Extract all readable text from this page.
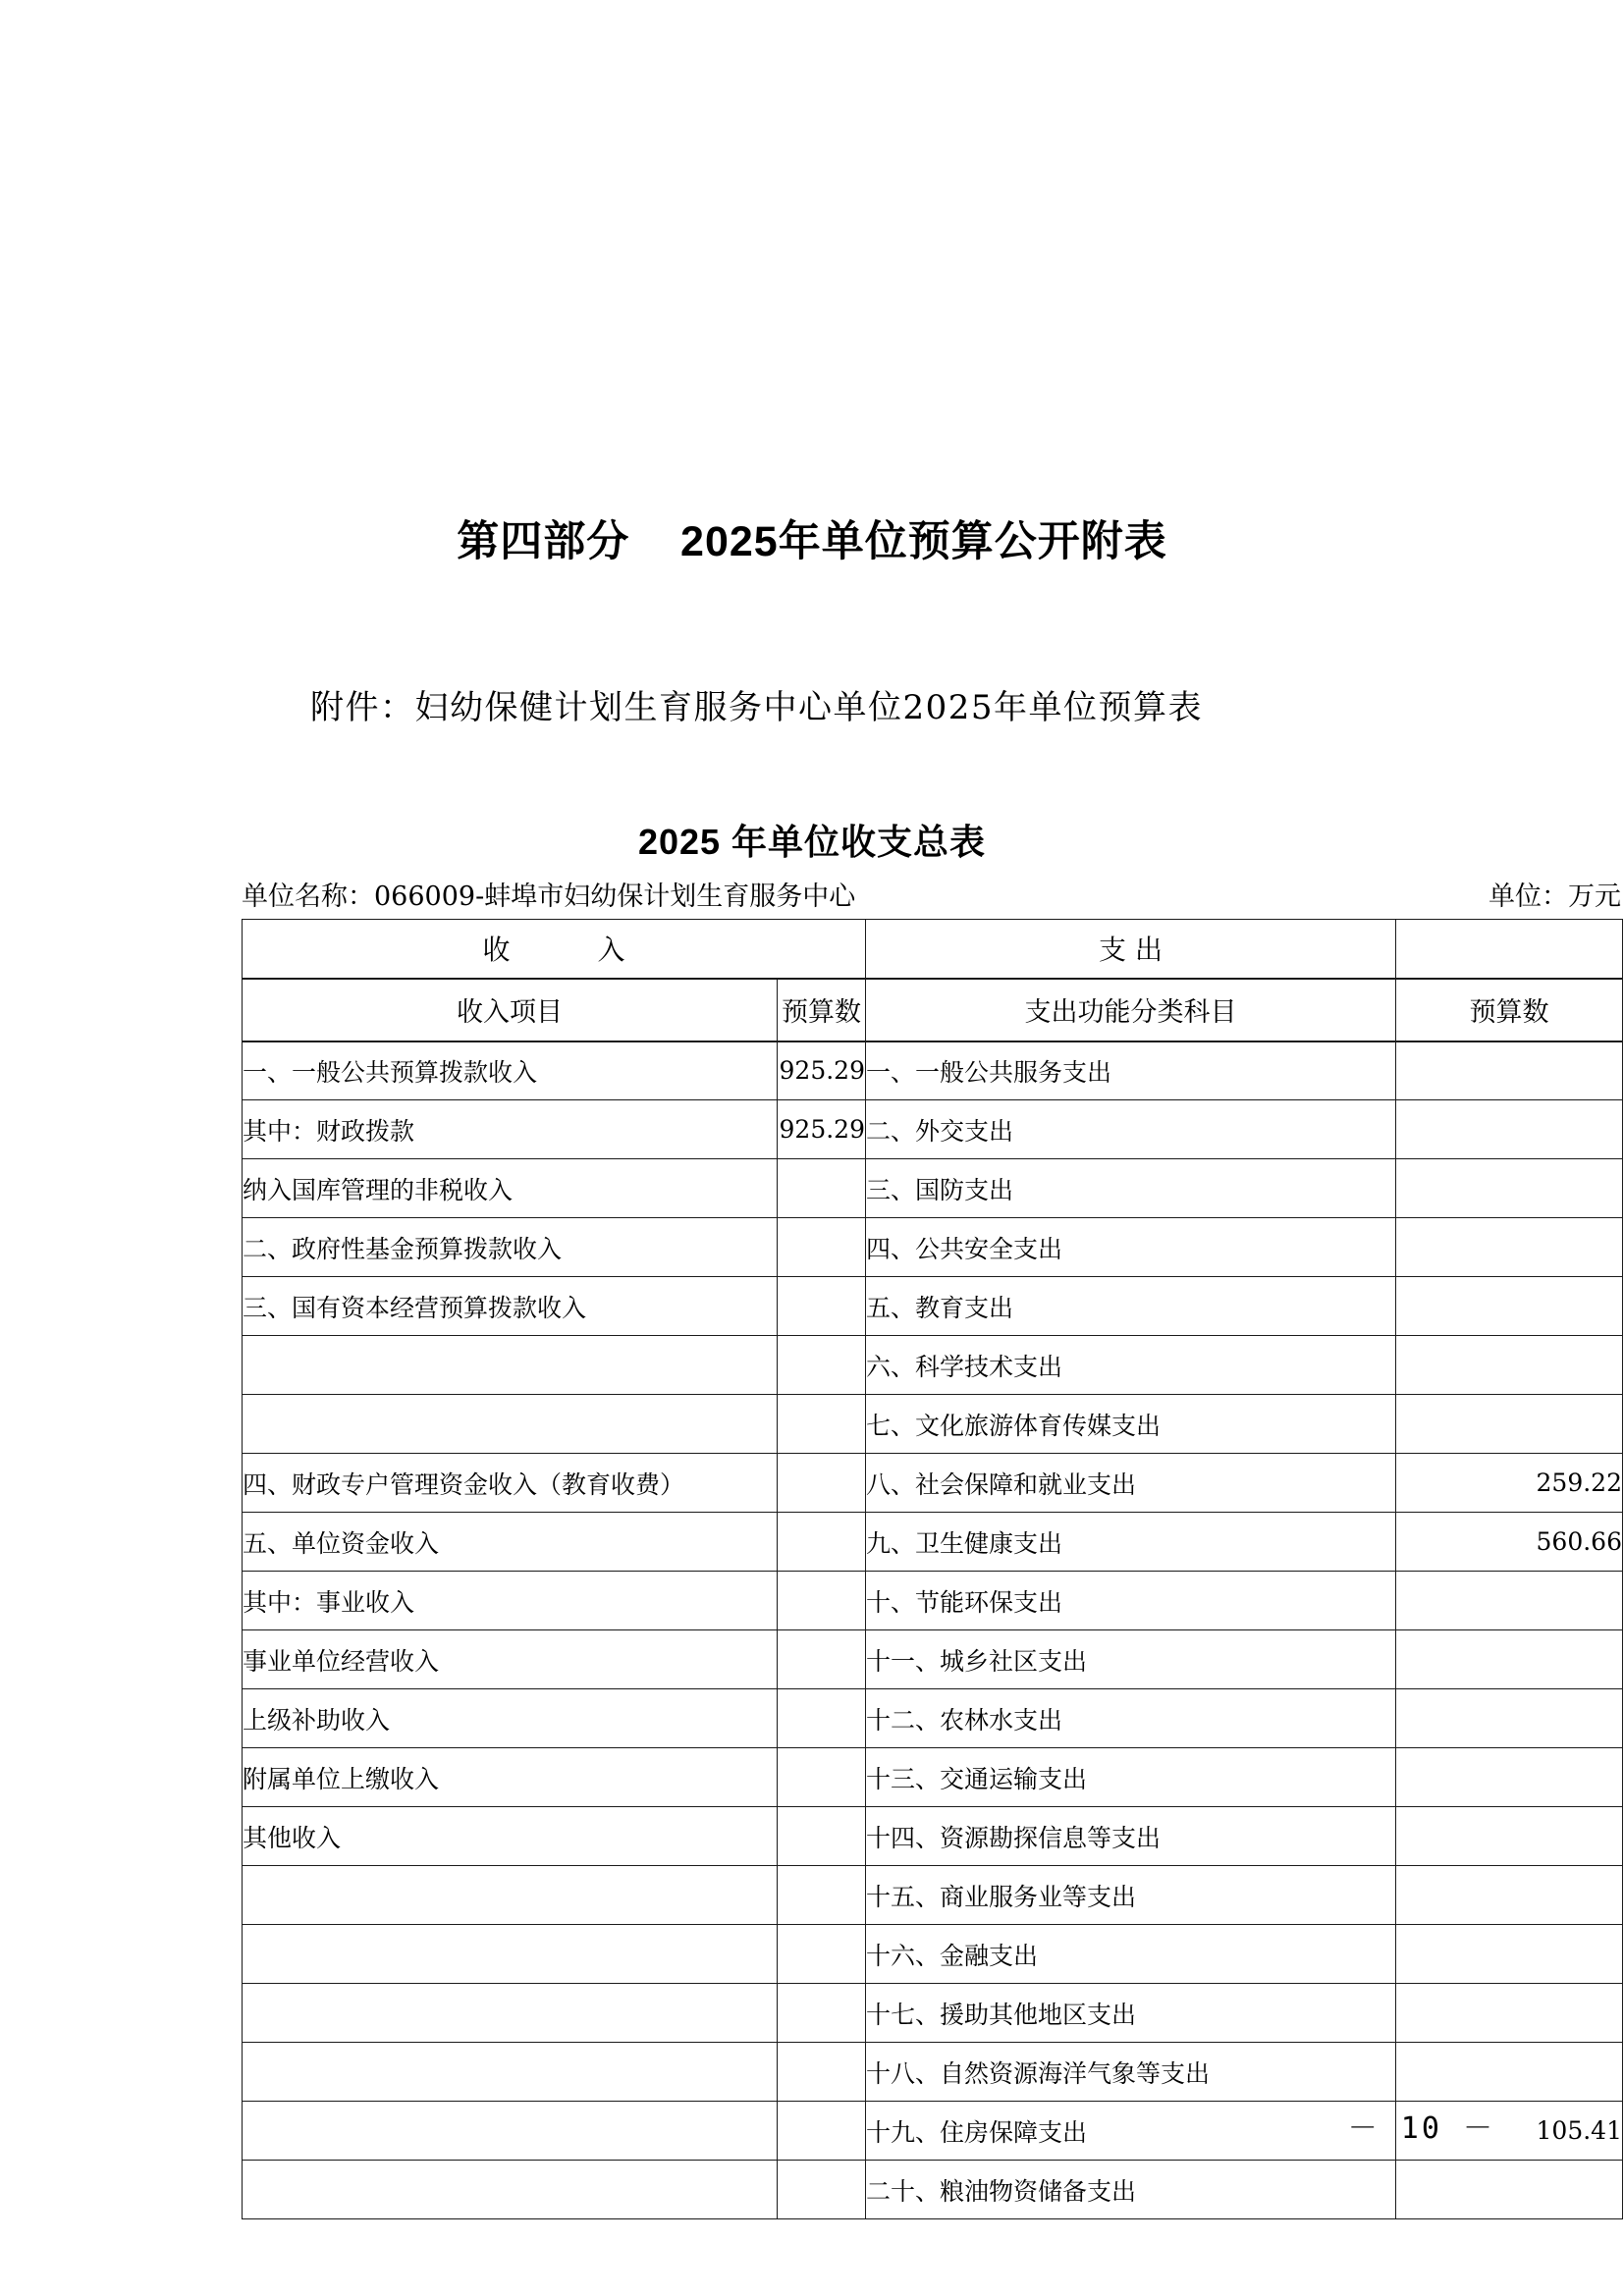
第四部分    2025年单位预算公开附表
附件：妇幼保健计划生育服务中心单位2025年单位预算表
2025 年单位收支总表
单位名称：066009-蚌埠市妇幼保计划生育服务中心	单位：万元
收 入		支 出	
收入项目	预算数	支出功能分类科目	预算数
一、一般公共预算拨款收入	925.29	一、一般公共服务支出	
其中：财政拨款	925.29	二、外交支出	
纳入国库管理的非税收入		三、国防支出	
二、政府性基金预算拨款收入		四、公共安全支出	
三、国有资本经营预算拨款收入		五、教育支出	
		六、科学技术支出	
		七、文化旅游体育传媒支出	
四、财政专户管理资金收入（教育收费）		八、社会保障和就业支出	259.22
五、单位资金收入		九、卫生健康支出	560.66
其中：事业收入		十、节能环保支出	
事业单位经营收入		十一、城乡社区支出	
上级补助收入		十二、农林水支出	
附属单位上缴收入		十三、交通运输支出	
其他收入		十四、资源勘探信息等支出	
		十五、商业服务业等支出	
		十六、金融支出	
		十七、援助其他地区支出	
		十八、自然资源海洋气象等支出	
		十九、住房保障支出	105.41
		二十、粮油物资储备支出	
－ 10 －
